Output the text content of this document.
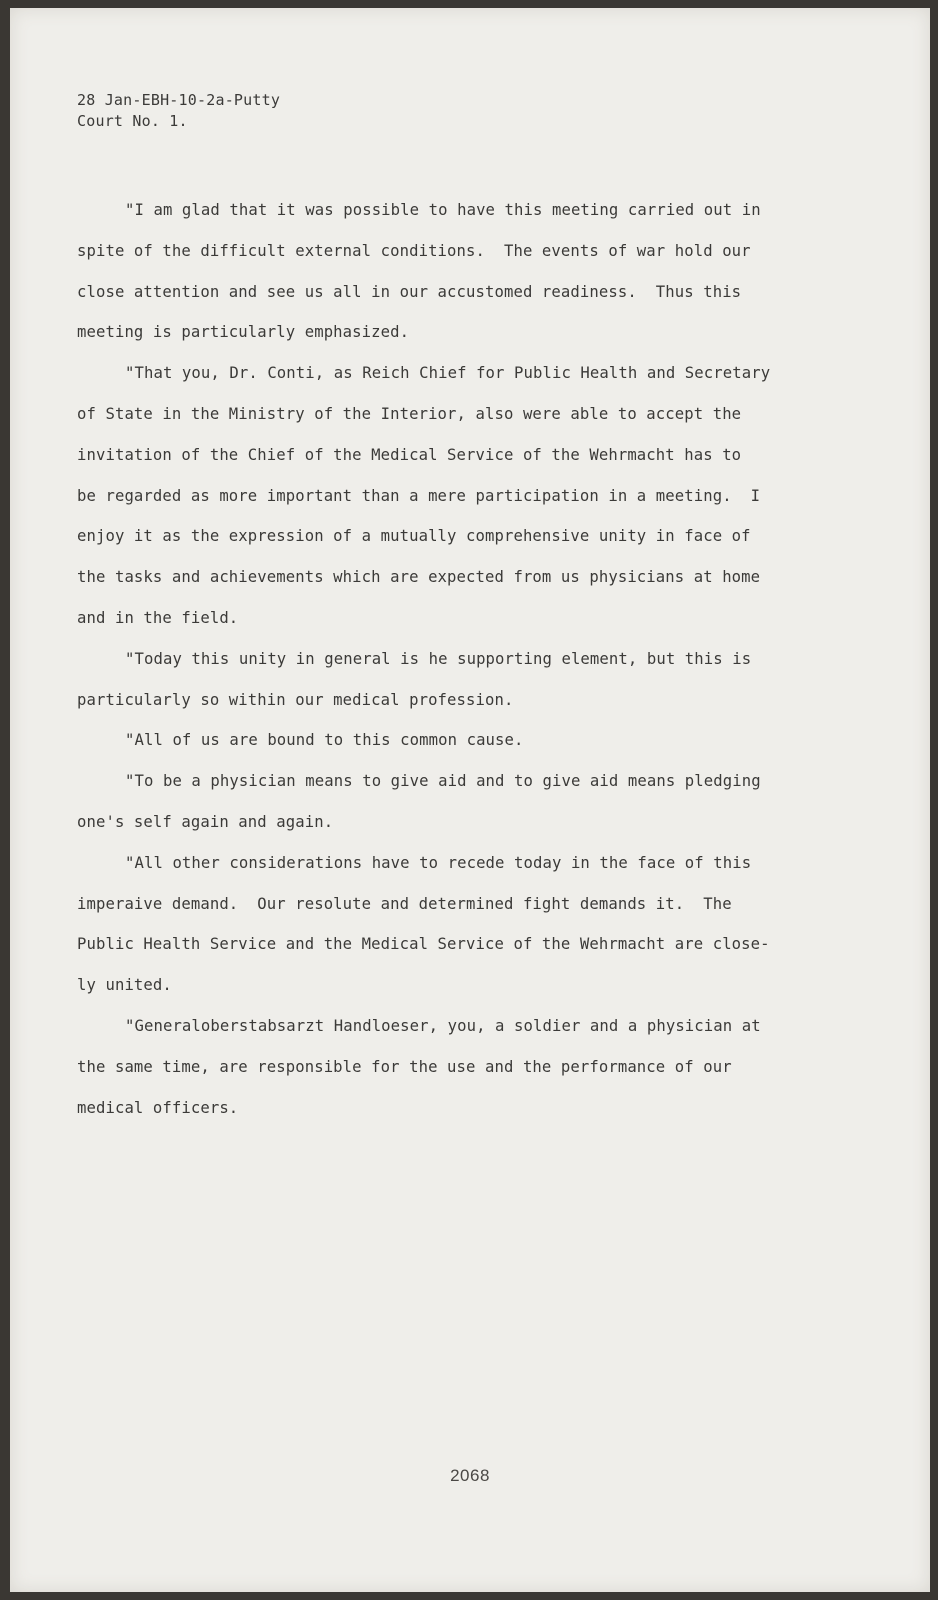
28 Jan-EBH-10-2a-Putty
Court No. 1.
"I am glad that it was possible to have this meeting carried out in
spite of the difficult external conditions.  The events of war hold our
close attention and see us all in our accustomed readiness.  Thus this
meeting is particularly emphasized.
"That you, Dr. Conti, as Reich Chief for Public Health and Secretary
of State in the Ministry of the Interior, also were able to accept the
invitation of the Chief of the Medical Service of the Wehrmacht has to
be regarded as more important than a mere participation in a meeting.  I
enjoy it as the expression of a mutually comprehensive unity in face of
the tasks and achievements which are expected from us physicians at home
and in the field.
"Today this unity in general is he supporting element, but this is
particularly so within our medical profession.
"All of us are bound to this common cause.
"To be a physician means to give aid and to give aid means pledging
one's self again and again.
"All other considerations have to recede today in the face of this
imperaive demand.  Our resolute and determined fight demands it.  The
Public Health Service and the Medical Service of the Wehrmacht are close-
ly united.
"Generaloberstabsarzt Handloeser, you, a soldier and a physician at
the same time, are responsible for the use and the performance of our
medical officers.
2068
